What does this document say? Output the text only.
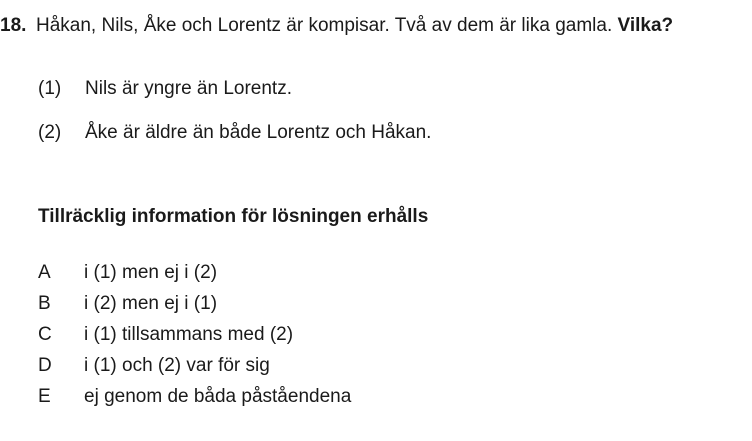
18. Håkan, Nils, Åke och Lorentz är kompisar. Två av dem är lika gamla. Vilka?
(1) Nils är yngre än Lorentz.
(2) Åke är äldre än både Lorentz och Håkan.
Tillräcklig information för lösningen erhålls
A	i (1) men ej i (2)
B	i (2) men ej i (1)
C	i (1) tillsammans med (2)
D	i (1) och (2) var för sig
E	ej genom de båda påståendena
